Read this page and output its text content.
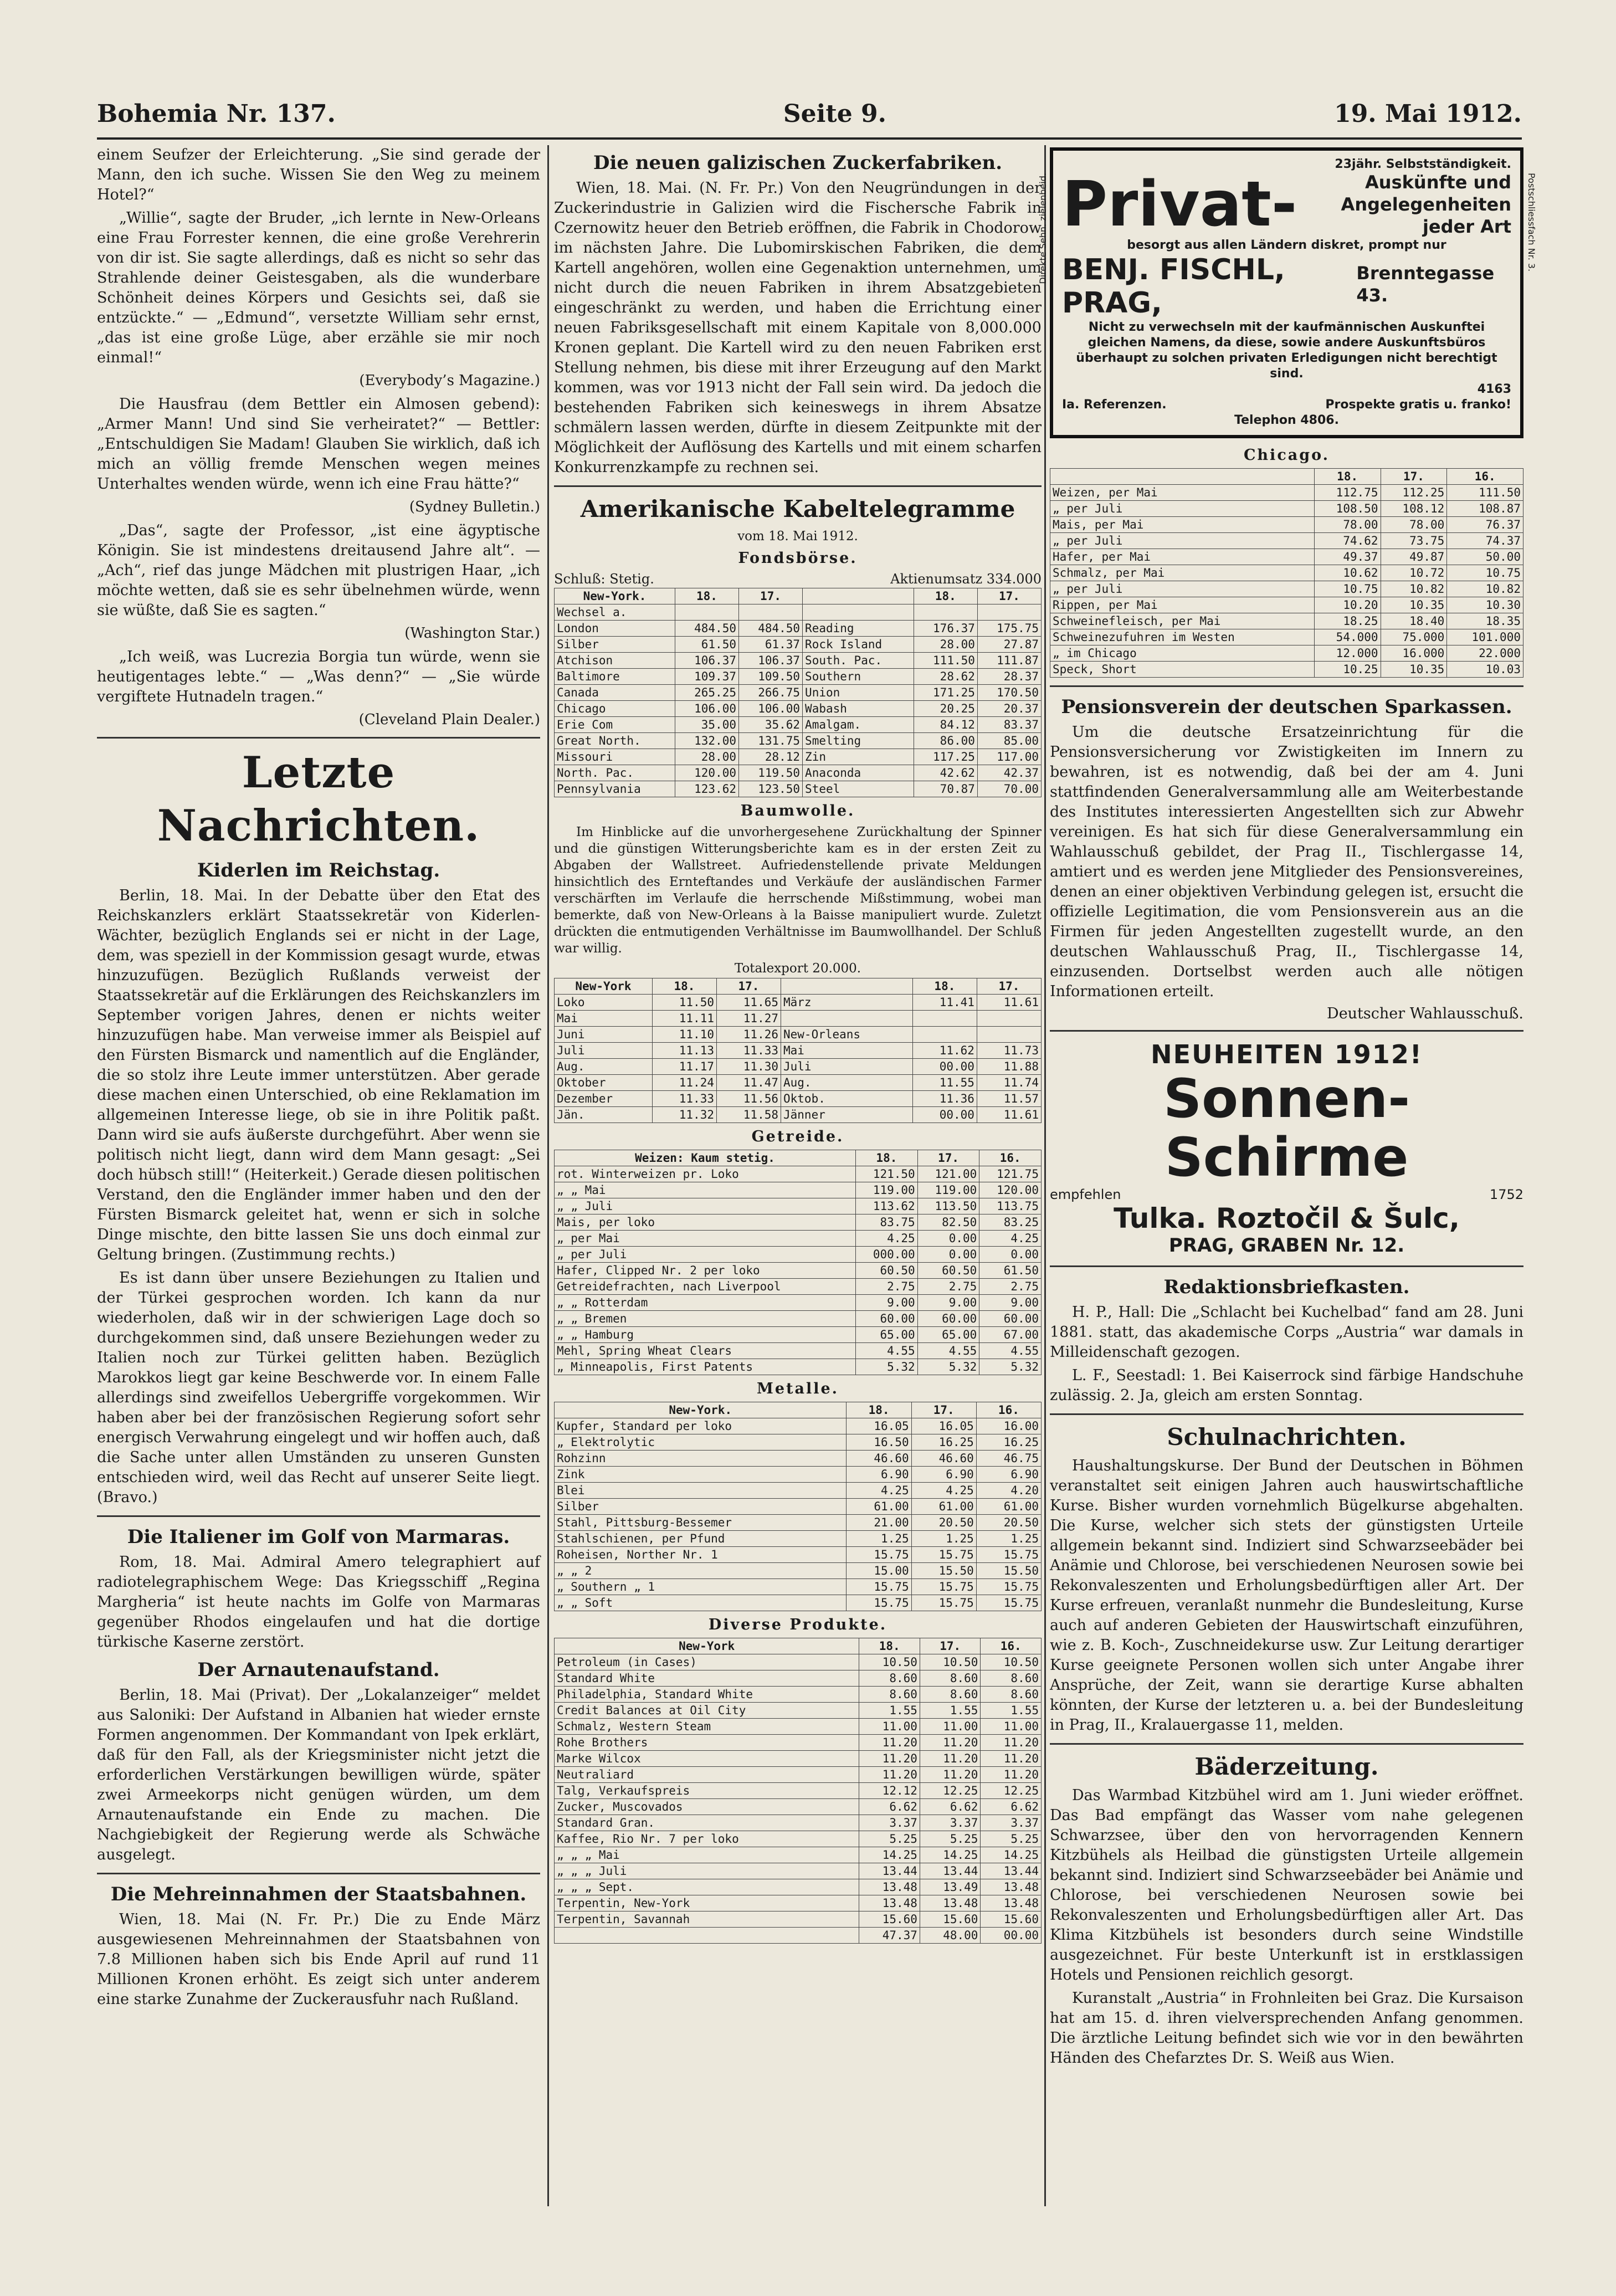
Bohemia Nr. 137.	Seite 9.	19. Mai 1912.

einem Seufzer der Erleichterung. „Sie sind gerade der Mann, den ich suche. Wissen Sie den Weg zu meinem Hotel?“

„Willie“, sagte der Bruder, „ich lernte in New-Orleans eine Frau Forrester kennen, die eine große Verehrerin von dir ist. Sie sagte allerdings, daß es nicht so sehr das Strahlende deiner Geistesgaben, als die wunderbare Schönheit deines Körpers und Gesichts sei, daß sie entzückte.“ — „Edmund“, versetzte William sehr ernst, „das ist eine große Lüge, aber erzähle sie mir noch einmal!“

(Everybody’s Magazine.)

Die Hausfrau (dem Bettler ein Almosen gebend): „Armer Mann! Und sind Sie verheiratet?“ — Bettler: „Entschuldigen Sie Madam! Glauben Sie wirklich, daß ich mich an völlig fremde Menschen wegen meines Unterhaltes wenden würde, wenn ich eine Frau hätte?“

(Sydney Bulletin.)

„Das“, sagte der Professor, „ist eine ägyptische Königin. Sie ist mindestens dreitausend Jahre alt“. — „Ach“, rief das junge Mädchen mit plustrigen Haar, „ich möchte wetten, daß sie es sehr übelnehmen würde, wenn sie wüßte, daß Sie es sagten.“

(Washington Star.)

„Ich weiß, was Lucrezia Borgia tun würde, wenn sie heutigentages lebte.“ — „Was denn?“ — „Sie würde vergiftete Hutnadeln tragen.“

(Cleveland Plain Dealer.)
Letzte Nachrichten.
Kiderlen im Reichstag.

Berlin, 18. Mai. In der Debatte über den Etat des Reichskanzlers erklärt Staatssekretär von Kiderlen-Wächter, bezüglich Englands sei er nicht in der Lage, dem, was speziell in der Kommission gesagt wurde, etwas hinzuzufügen. Bezüglich Rußlands verweist der Staatssekretär auf die Erklärungen des Reichskanzlers im September vorigen Jahres, denen er nichts weiter hinzuzufügen habe. Man verweise immer als Beispiel auf den Fürsten Bismarck und namentlich auf die Engländer, die so stolz ihre Leute immer unterstützen. Aber gerade diese machen einen Unterschied, ob eine Reklamation im allgemeinen Interesse liege, ob sie in ihre Politik paßt. Dann wird sie aufs äußerste durchgeführt. Aber wenn sie politisch nicht liegt, dann wird dem Mann gesagt: „Sei doch hübsch still!“ (Heiterkeit.) Gerade diesen politischen Verstand, den die Engländer immer haben und den der Fürsten Bismarck geleitet hat, wenn er sich in solche Dinge mischte, den bitte lassen Sie uns doch einmal zur Geltung bringen. (Zustimmung rechts.)

Es ist dann über unsere Beziehungen zu Italien und der Türkei gesprochen worden. Ich kann da nur wiederholen, daß wir in der schwierigen Lage doch so durchgekommen sind, daß unsere Beziehungen weder zu Italien noch zur Türkei gelitten haben. Bezüglich Marokkos liegt gar keine Beschwerde vor. In einem Falle allerdings sind zweifellos Uebergriffe vorgekommen. Wir haben aber bei der französischen Regierung sofort sehr energisch Verwahrung eingelegt und wir hoffen auch, daß die Sache unter allen Umständen zu unseren Gunsten entschieden wird, weil das Recht auf unserer Seite liegt. (Bravo.)

Die Italiener im Golf von Marmaras.

Rom, 18. Mai. Admiral Amero telegraphiert auf radiotelegraphischem Wege: Das Kriegsschiff „Regina Margheria“ ist heute nachts im Golfe von Marmaras gegenüber Rhodos eingelaufen und hat die dortige türkische Kaserne zerstört.

Der Arnautenaufstand.

Berlin, 18. Mai (Privat). Der „Lokalanzeiger“ meldet aus Saloniki: Der Aufstand in Albanien hat wieder ernste Formen angenommen. Der Kommandant von Ipek erklärt, daß für den Fall, als der Kriegsminister nicht jetzt die erforderlichen Verstärkungen bewilligen würde, später zwei Armeekorps nicht genügen würden, um dem Arnautenaufstande ein Ende zu machen. Die Nachgiebigkeit der Regierung werde als Schwäche ausgelegt.

Die Mehreinnahmen der Staatsbahnen.

Wien, 18. Mai (N. Fr. Pr.) Die zu Ende März ausgewiesenen Mehreinnahmen der Staatsbahnen von 7.8 Millionen haben sich bis Ende April auf rund 11 Millionen Kronen erhöht. Es zeigt sich unter anderem eine starke Zunahme der Zuckerausfuhr nach Rußland.

Die neuen galizischen Zuckerfabriken.

Wien, 18. Mai. (N. Fr. Pr.) Von den Neugründungen in der Zuckerindustrie in Galizien wird die Fischersche Fabrik in Czernowitz heuer den Betrieb eröffnen, die Fabrik in Chodorow im nächsten Jahre. Die Lubomirskischen Fabriken, die dem Kartell angehören, wollen eine Gegenaktion unternehmen, um nicht durch die neuen Fabriken in ihrem Absatzgebieten eingeschränkt zu werden, und haben die Errichtung einer neuen Fabriksgesellschaft mit einem Kapitale von 8,000.000 Kronen geplant. Die Kartell wird zu den neuen Fabriken erst Stellung nehmen, bis diese mit ihrer Erzeugung auf den Markt kommen, was vor 1913 nicht der Fall sein wird. Da jedoch die bestehenden Fabriken sich keineswegs in ihrem Absatze schmälern lassen werden, dürfte in diesem Zeitpunkte mit der Möglichkeit der Auflösung des Kartells und mit einem scharfen Konkurrenzkampfe zu rechnen sei.

Amerikanische Kabeltelegramme
vom 18. Mai 1912.
Fondsbörse.
Schluß: Stetig.	Aktienumsatz 334.000
New-York.	18.	17.		18.	17.
Wechsel a.					
London	484.50	484.50	Reading	176.37	175.75
Silber	61.50	61.37	Rock Island	28.00	27.87
Atchison	106.37	106.37	South. Pac.	111.50	111.87
Baltimore	109.37	109.50	Southern	28.62	28.37
Canada	265.25	266.75	Union	171.25	170.50
Chicago	106.00	106.00	Wabash	20.25	20.37
Erie Com	35.00	35.62	Amalgam.	84.12	83.37
Great North.	132.00	131.75	Smelting	86.00	85.00
Missouri	28.00	28.12	Zin	117.25	117.00
North. Pac.	120.00	119.50	Anaconda	42.62	42.37
Pennsylvania	123.62	123.50	Steel	70.87	70.00
Baumwolle.

Im Hinblicke auf die unvorhergesehene Zurückhaltung der Spinner und die günstigen Witterungsberichte kam es in der ersten Zeit zu Abgaben der Wallstreet. Aufriedenstellende private Meldungen hinsichtlich des Ernteftandes und Verkäufe der ausländischen Farmer verschärften im Verlaufe die herrschende Mißstimmung, wobei man bemerkte, daß von New-Orleans à la Baisse manipuliert wurde. Zuletzt drückten die entmutigenden Verhältnisse im Baumwollhandel. Der Schluß war willig.

Totalexport 20.000.
New-York	18.	17.		18.	17.
Loko	11.50	11.65	März	11.41	11.61
Mai	11.11	11.27			
Juni	11.10	11.26	New-Orleans		
Juli	11.13	11.33	Mai	11.62	11.73
Aug.	11.17	11.30	Juli	00.00	11.88
Oktober	11.24	11.47	Aug.	11.55	11.74
Dezember	11.33	11.56	Oktob.	11.36	11.57
Jän.	11.32	11.58	Jänner	00.00	11.61
Getreide.
Weizen: Kaum stetig.	18.	17.	16.
rot. Winterweizen pr. Loko	121.50	121.00	121.75
„ „ Mai	119.00	119.00	120.00
„ „ Juli	113.62	113.50	113.75
Mais, per loko	83.75	82.50	83.25
„ per Mai	4.25	0.00	4.25
„ per Juli	000.00	0.00	0.00
Hafer, Clipped Nr. 2 per loko	60.50	60.50	61.50
Getreidefrachten, nach Liverpool	2.75	2.75	2.75
„ „ Rotterdam	9.00	9.00	9.00
„ „ Bremen	60.00	60.00	60.00
„ „ Hamburg	65.00	65.00	67.00
Mehl, Spring Wheat Clears	4.55	4.55	4.55
„ Minneapolis, First Patents	5.32	5.32	5.32
Metalle.
New-York.	18.	17.	16.
Kupfer, Standard per loko	16.05	16.05	16.00
„ Elektrolytic	16.50	16.25	16.25
Rohzinn	46.60	46.60	46.75
Zink	6.90	6.90	6.90
Blei	4.25	4.25	4.20
Silber	61.00	61.00	61.00
Stahl, Pittsburg-Bessemer	21.00	20.50	20.50
Stahlschienen, per Pfund	1.25	1.25	1.25
Roheisen, Norther Nr. 1	15.75	15.75	15.75
„ „ 2	15.00	15.50	15.50
„ Southern „ 1	15.75	15.75	15.75
„ „ Soft	15.75	15.75	15.75
Diverse Produkte.
New-York	18.	17.	16.
Petroleum (in Cases)	10.50	10.50	10.50
Standard White	8.60	8.60	8.60
Philadelphia, Standard White	8.60	8.60	8.60
Credit Balances at Oil City	1.55	1.55	1.55
Schmalz, Western Steam	11.00	11.00	11.00
Rohe Brothers	11.20	11.20	11.20
Marke Wilcox	11.20	11.20	11.20
Neutraliard	11.20	11.20	11.20
Talg, Verkaufspreis	12.12	12.25	12.25
Zucker, Muscovados	6.62	6.62	6.62
Standard Gran.	3.37	3.37	3.37
Kaffee, Rio Nr. 7 per loko	5.25	5.25	5.25
„ „ „ Mai	14.25	14.25	14.25
„ „ „ Juli	13.44	13.44	13.44
„ „ „ Sept.	13.48	13.49	13.48
Terpentin, New-York	13.48	13.48	13.48
Terpentin, Savannah	15.60	15.60	15.60
	47.37	48.00	00.00
Direkte Sehn. zielenbeid.	Postschliessfach Nr. 3.
23jähr. Selbstständigkeit.
Privat-	Auskünfte und
Angelegenheiten
jeder Art
besorgt aus allen Ländern diskret, prompt nur
BENJ. FISCHL, PRAG,
Brenntegasse 43.
Nicht zu verwechseln mit der kaufmännischen Auskunftei gleichen Namens, da diese, sowie andere Auskunftsbüros überhaupt zu solchen privaten Erledigungen nicht berechtigt sind.
4163
Ia. Referenzen.	Prospekte gratis u. franko!
Telephon 4806.
Chicago.
	18.	17.	16.
Weizen, per Mai	112.75	112.25	111.50
„ per Juli	108.50	108.12	108.87
Mais, per Mai	78.00	78.00	76.37
„ per Juli	74.62	73.75	74.37
Hafer, per Mai	49.37	49.87	50.00
Schmalz, per Mai	10.62	10.72	10.75
„ per Juli	10.75	10.82	10.82
Rippen, per Mai	10.20	10.35	10.30
Schweinefleisch, per Mai	18.25	18.40	18.35
Schweinezufuhren im Westen	54.000	75.000	101.000
„ im Chicago	12.000	16.000	22.000
Speck, Short	10.25	10.35	10.03
Pensionsverein der deutschen Sparkassen.

Um die deutsche Ersatzeinrichtung für die Pensionsversicherung vor Zwistigkeiten im Innern zu bewahren, ist es notwendig, daß bei der am 4. Juni stattfindenden Generalversammlung alle am Weiterbestande des Institutes interessierten Angestellten sich zur Abwehr vereinigen. Es hat sich für diese Generalversammlung ein Wahlausschuß gebildet, der Prag II., Tischlergasse 14, amtiert und es werden jene Mitglieder des Pensionsvereines, denen an einer objektiven Verbindung gelegen ist, ersucht die offizielle Legitimation, die vom Pensionsverein aus an die Firmen für jeden Angestellten zugestellt wurde, an den deutschen Wahlausschuß Prag, II., Tischlergasse 14, einzusenden. Dortselbst werden auch alle nötigen Informationen erteilt.

Deutscher Wahlausschuß.
NEUHEITEN 1912!
Sonnen-Schirme
empfehlen	1752
Tulka. Roztočil & Šulc,
PRAG, GRABEN Nr. 12.
Redaktionsbriefkasten.

H. P., Hall: Die „Schlacht bei Kuchelbad“ fand am 28. Juni 1881. statt, das akademische Corps „Austria“ war damals in Milleidenschaft gezogen.

L. F., Seestadl: 1. Bei Kaiserrock sind färbige Handschuhe zulässig. 2. Ja, gleich am ersten Sonntag.

Schulnachrichten.

Haushaltungskurse. Der Bund der Deutschen in Böhmen veranstaltet seit einigen Jahren auch hauswirtschaftliche Kurse. Bisher wurden vornehmlich Bügelkurse abgehalten. Die Kurse, welcher sich stets der günstigsten Urteile allgemein bekannt sind. Indiziert sind Schwarzseebäder bei Anämie und Chlorose, bei verschiedenen Neurosen sowie bei Rekonvaleszenten und Erholungsbedürftigen aller Art. Der Kurse erfreuen, veranlaßt nunmehr die Bundesleitung, Kurse auch auf anderen Gebieten der Hauswirtschaft einzuführen, wie z. B. Koch-, Zuschneidekurse usw. Zur Leitung derartiger Kurse geeignete Personen wollen sich unter Angabe ihrer Ansprüche, der Zeit, wann sie derartige Kurse abhalten könnten, der Kurse der letzteren u. a. bei der Bundesleitung in Prag, II., Kralauergasse 11, melden.

Bäderzeitung.

Das Warmbad Kitzbühel wird am 1. Juni wieder eröffnet. Das Bad empfängt das Wasser vom nahe gelegenen Schwarzsee, über den von hervorragenden Kennern Kitzbühels als Heilbad die günstigsten Urteile allgemein bekannt sind. Indiziert sind Schwarzseebäder bei Anämie und Chlorose, bei verschiedenen Neurosen sowie bei Rekonvaleszenten und Erholungsbedürftigen aller Art. Das Klima Kitzbühels ist besonders durch seine Windstille ausgezeichnet. Für beste Unterkunft ist in erstklassigen Hotels und Pensionen reichlich gesorgt.

Kuranstalt „Austria“ in Frohnleiten bei Graz. Die Kursaison hat am 15. d. ihren vielversprechenden Anfang genommen. Die ärztliche Leitung befindet sich wie vor in den bewährten Händen des Chefarztes Dr. S. Weiß aus Wien.
